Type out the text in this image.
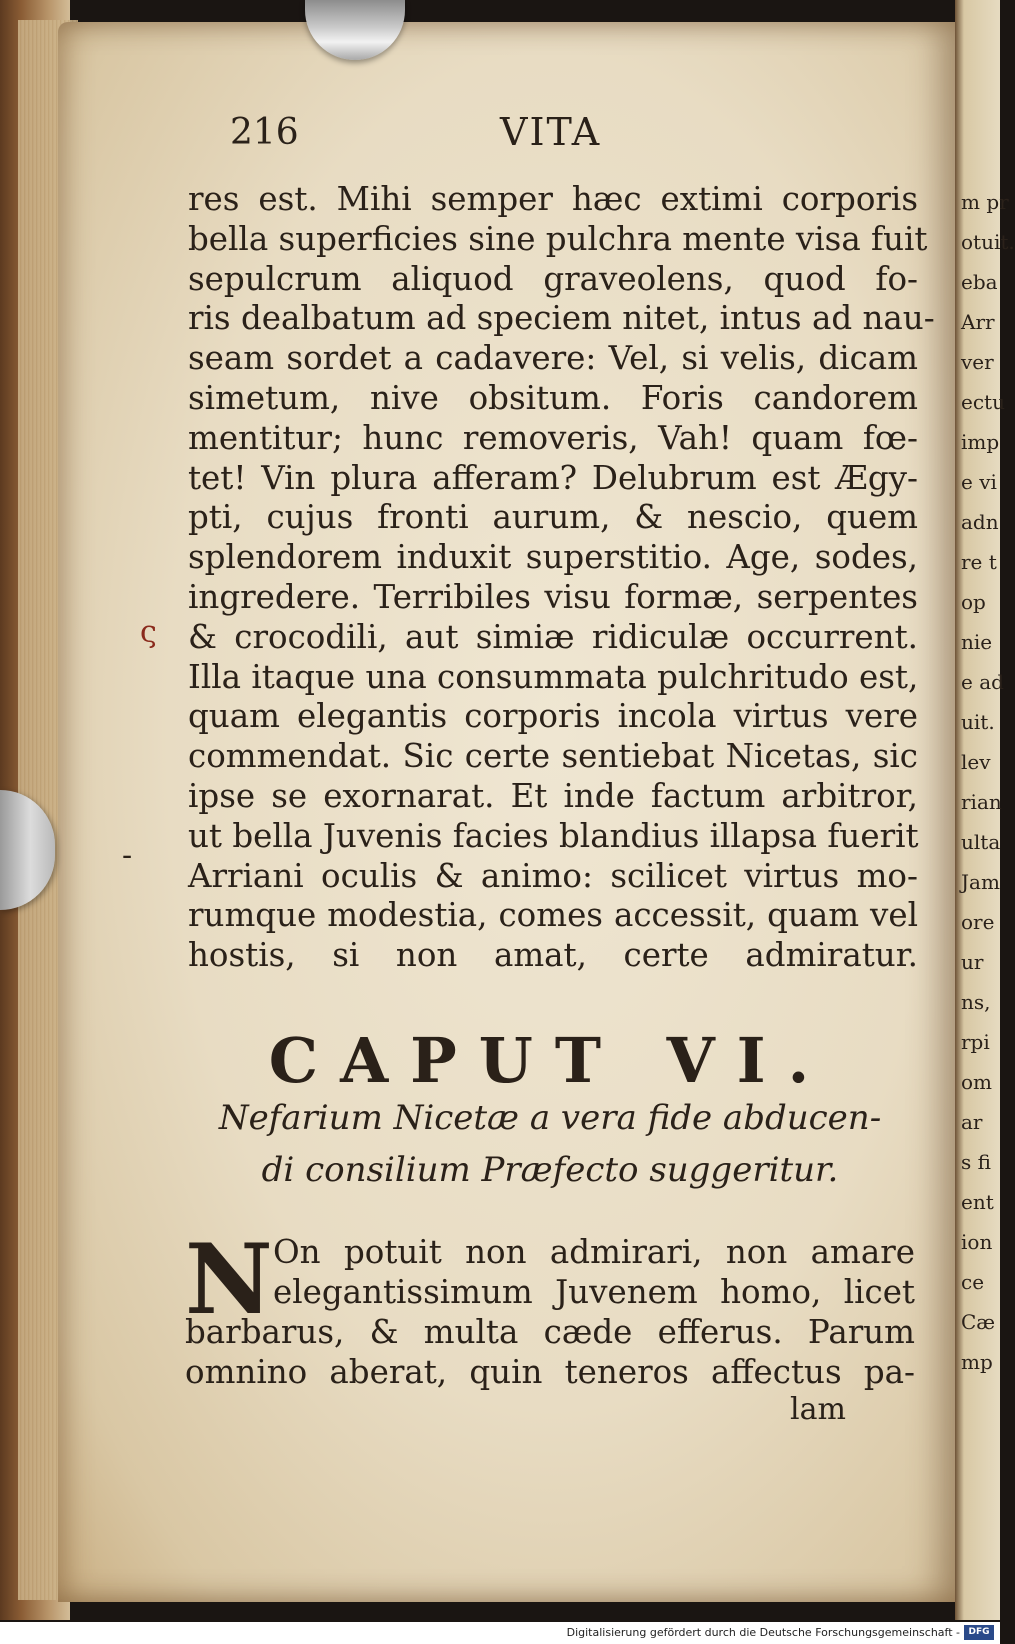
m pr
otuit.
eba
Arr
ver
ectu
imp
e vi
adn
re t
op
nie
e ad
uit.
lev
rian
ulta
Jam
ore
ur
ns,
rpi
om
ar
s fi
ent
ion
ce
Cæ
mp
216	VITA
res est. Mihi semper hæc extimi corporis
bella superficies sine pulchra mente visa fuit
sepulcrum aliquod graveolens, quod fo-
ris dealbatum ad speciem nitet, intus ad nau-
seam sordet a cadavere: Vel, si velis, dicam
simetum, nive obsitum. Foris candorem
mentitur; hunc removeris, Vah! quam fœ-
tet! Vin plura afferam? Delubrum est Ægy-
pti, cujus fronti aurum, & nescio, quem
splendorem induxit superstitio. Age, sodes,
ingredere. Terribiles visu formæ, serpentes
& crocodili, aut simiæ ridiculæ occurrent.
Illa itaque una consummata pulchritudo est,
quam elegantis corporis incola virtus vere
commendat. Sic certe sentiebat Nicetas, sic
ipse se exornarat. Et inde factum arbitror,
ut bella Juvenis facies blandius illapsa fuerit
Arriani oculis & animo: scilicet virtus mo-
rumque modestia, comes accessit, quam vel
hostis, si non amat, certe admiratur.
ς
-
CAPUT VI.
Nefarium Nicetæ a vera fide abducen-
di consilium Præfecto suggeritur.
N On potuit non admirari, non amare
elegantissimum Juvenem homo, licet
barbarus, & multa cæde efferus. Parum
omnino aberat, quin teneros affectus pa-
lam
Digitalisierung gefördert durch die Deutsche Forschungsgemeinschaft - DFG
